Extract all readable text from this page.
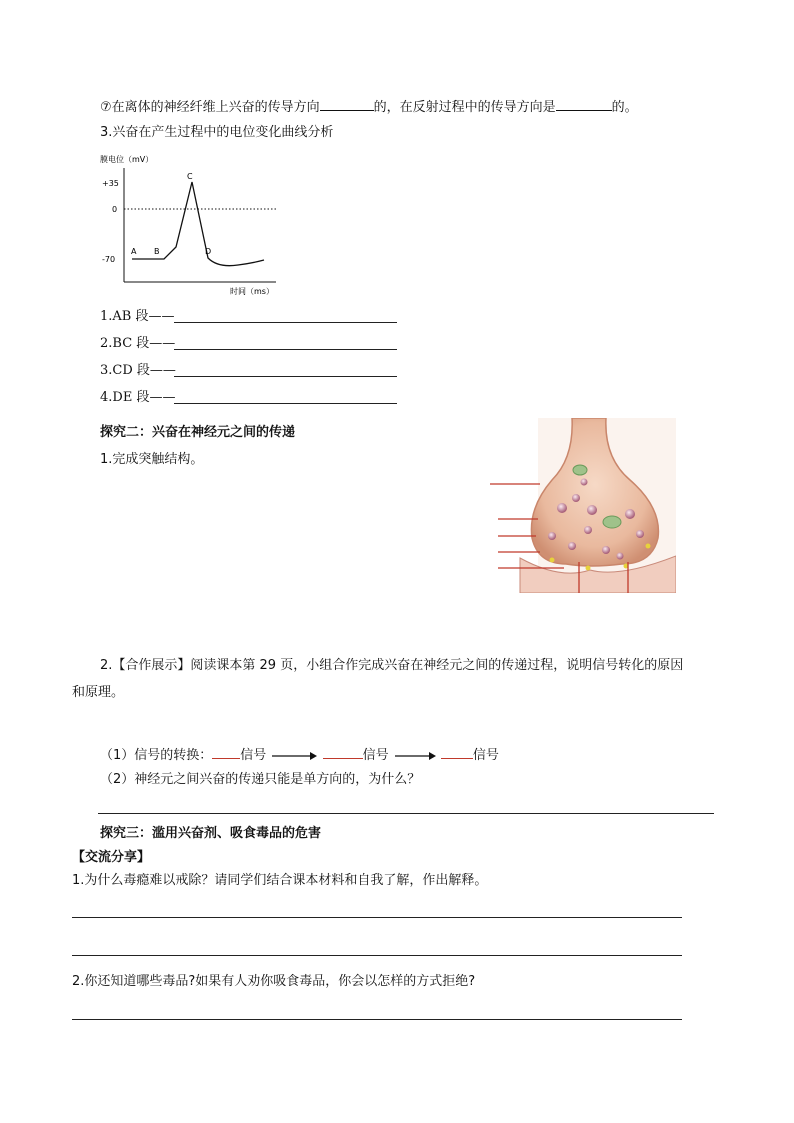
⑦在离体的神经纤维上兴奋的传导方向	的，在反射过程中的传导方向是	的。
3.兴奋在产生过程中的电位变化曲线分析
膜电位（mV）
+35
0
-70
A B
C
D
时间（ms）
1.AB 段——
2.BC 段——
3.CD 段——
4.DE 段——
探究二：兴奋在神经元之间的传递
1.完成突触结构。
2.【合作展示】阅读课本第 29 页，小组合作完成兴奋在神经元之间的传递过程，说明信号转化的原因
和原理。
（1）信号的转换： 信号	信号	信号
（2）神经元之间兴奋的传递只能是单方向的，为什么？
探究三：滥用兴奋剂、吸食毒品的危害
【交流分享】
1.为什么毒瘾难以戒除？请同学们结合课本材料和自我了解，作出解释。
2.你还知道哪些毒品?如果有人劝你吸食毒品，你会以怎样的方式拒绝?
